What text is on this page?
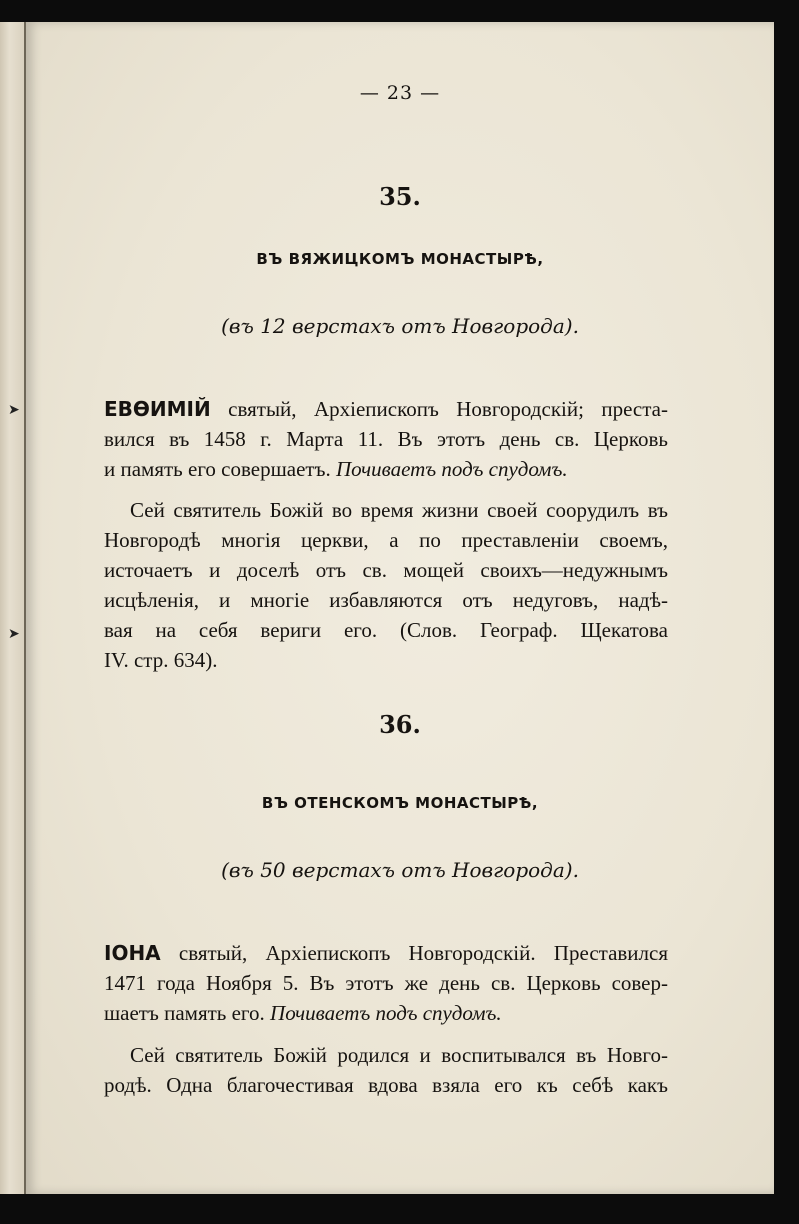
— 23 —
35.
ВЪ ВЯЖИЦКОМЪ МОНАСТЫРѢ,
(въ 12 верстахъ отъ Новгорода).
ЕВѲИМІЙ святый, Архіепископъ Новгородскій; преста-
вился въ 1458 г. Марта 11. Въ этотъ день св. Церковь
и память его совершаетъ. Почиваетъ подъ спудомъ.
Сей святитель Божій во время жизни своей соорудилъ въ
Новгородѣ многія церкви, а по преставленіи своемъ,
источаетъ и доселѣ отъ св. мощей своихъ—недужнымъ
исцѣленія, и многіе избавляются отъ недуговъ, надѣ-
вая на себя вериги его. (Слов. Географ. Щекатова
IV. стр. 634).
36.
ВЪ ОТЕНСКОМЪ МОНАСТЫРѢ,
(въ 50 верстахъ отъ Новгорода).
ІОНА святый, Архіепископъ Новгородскій. Преставился
1471 года Ноября 5. Въ этотъ же день св. Церковь совер-
шаетъ память его. Почиваетъ подъ спудомъ.
Сей святитель Божій родился и воспитывался въ Новго-
родѣ. Одна благочестивая вдова взяла его къ себѣ какъ
➤
➤
